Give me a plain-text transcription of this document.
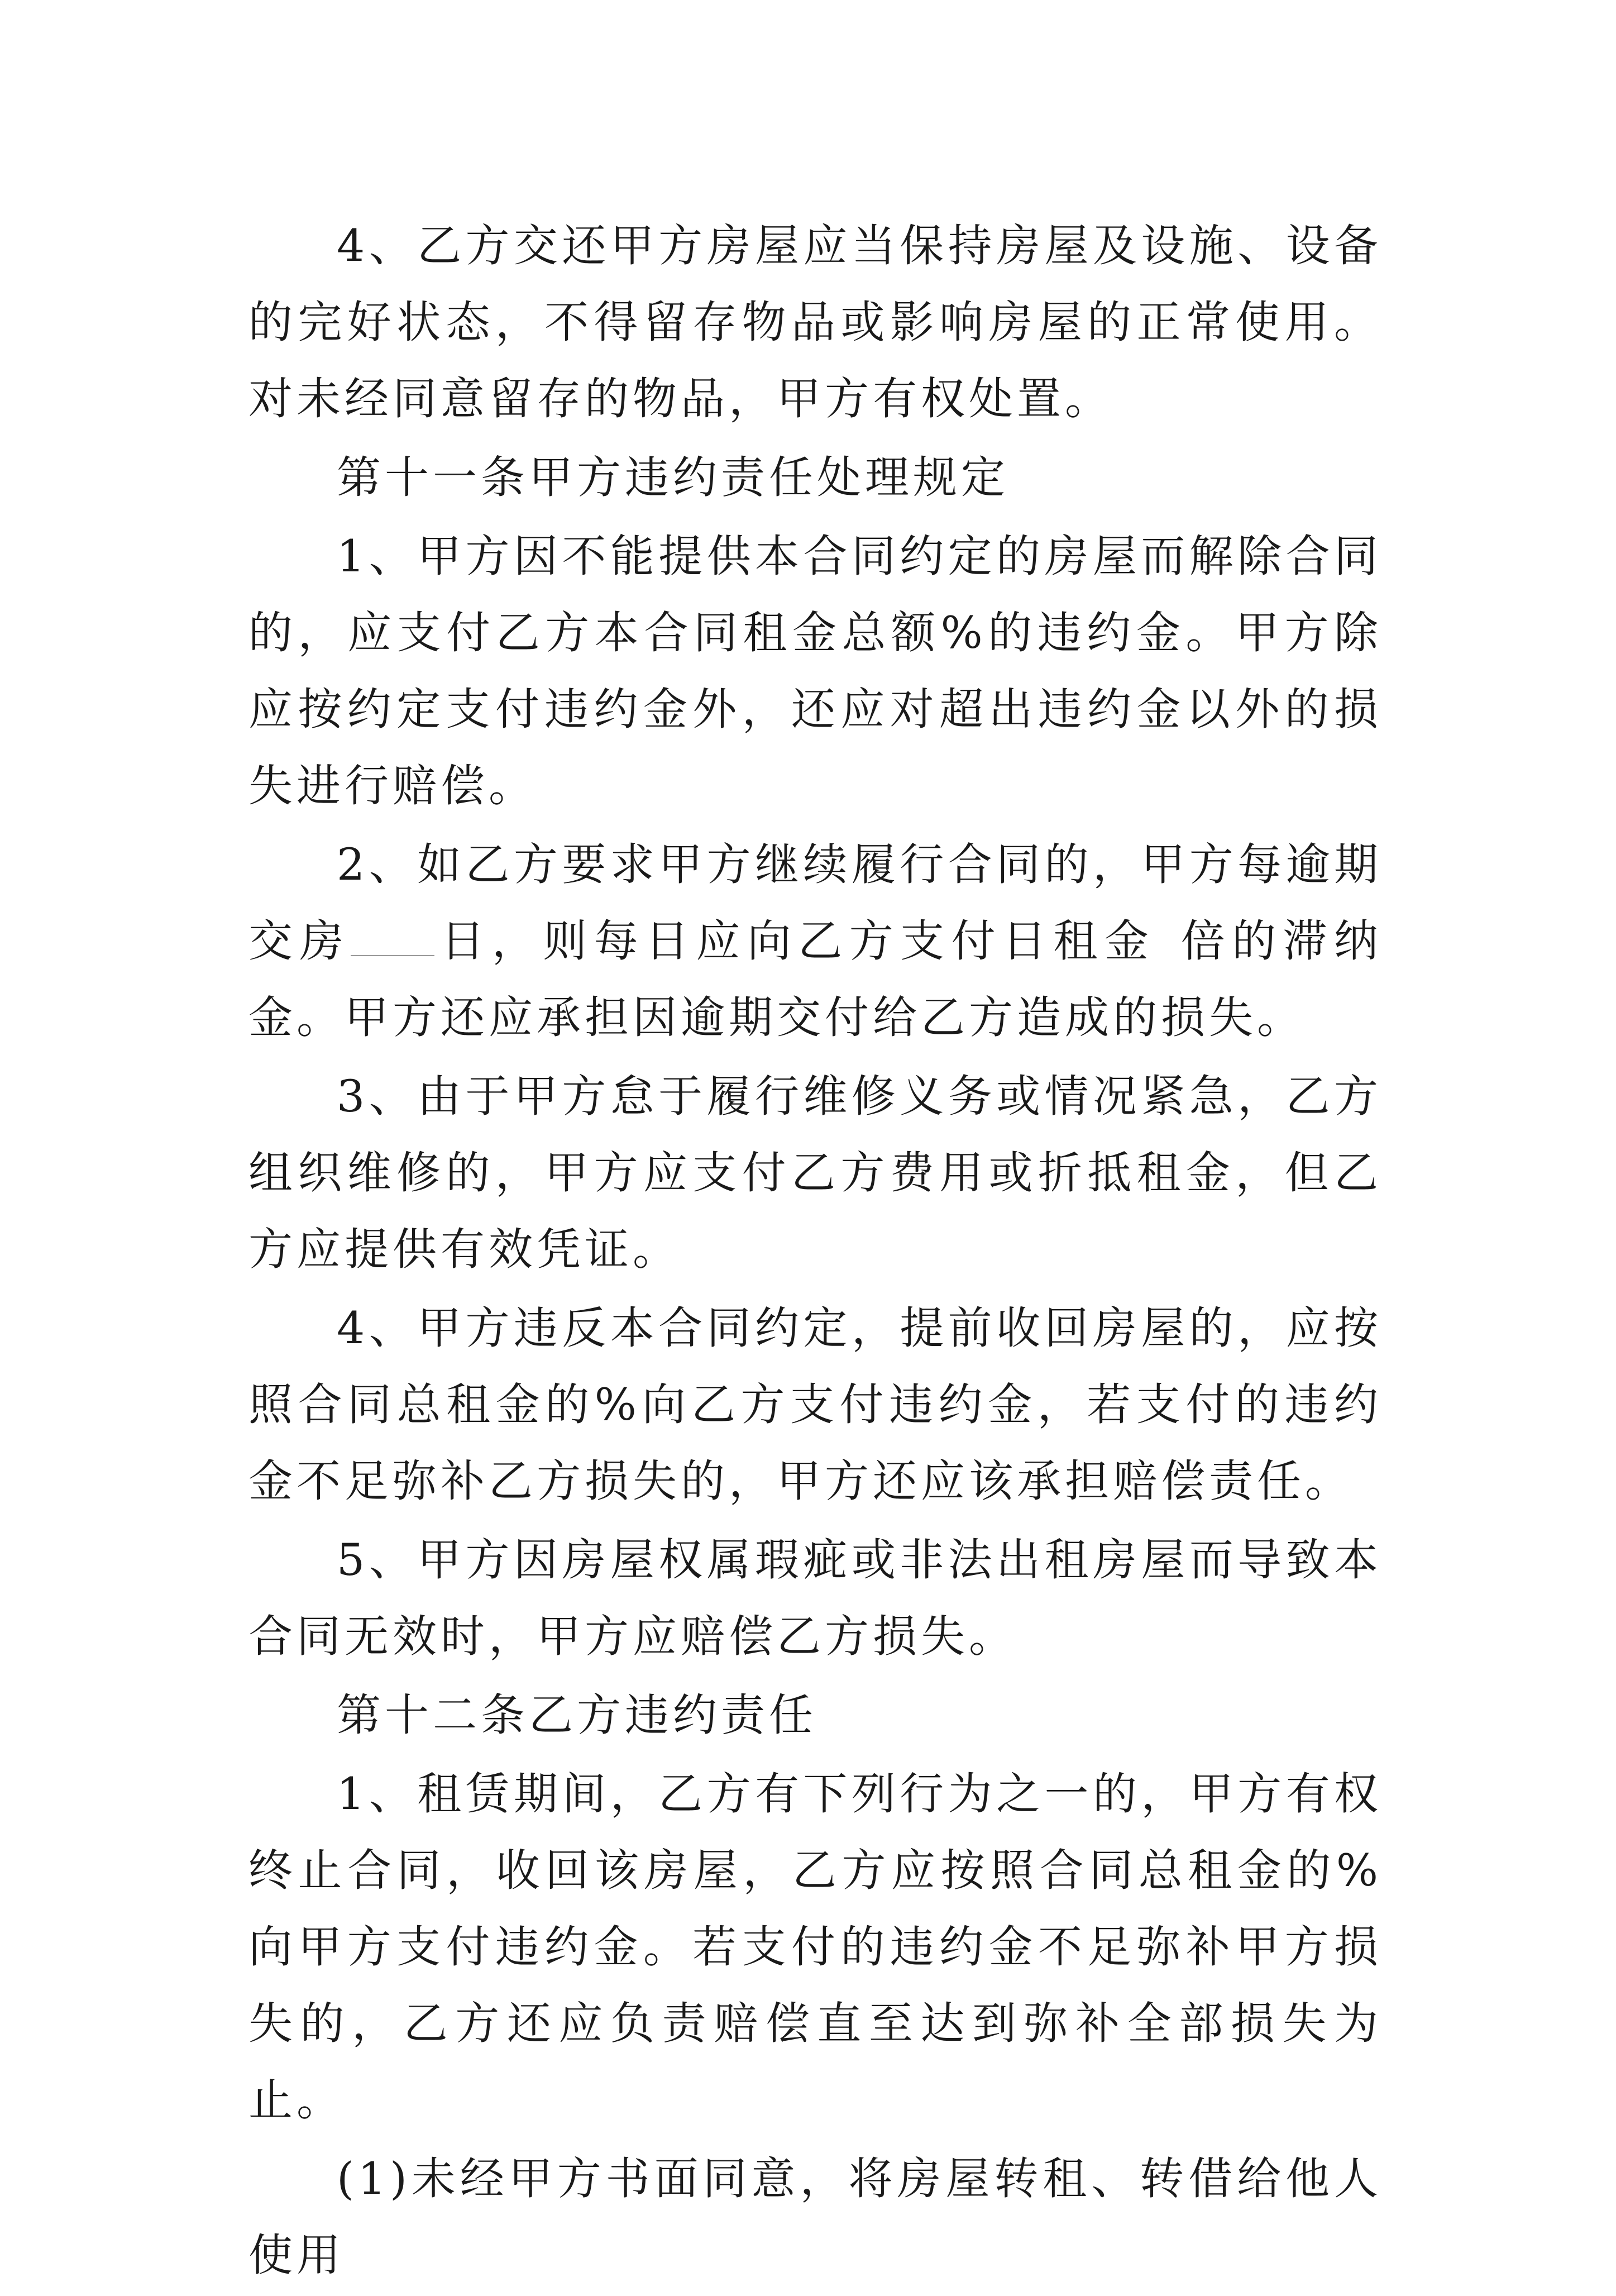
4、乙方交还甲方房屋应当保持房屋及设施、设备的完好状态，不得留存物品或影响房屋的正常使用。对未经同意留存的物品，甲方有权处置。

第十一条甲方违约责任处理规定

1、甲方因不能提供本合同约定的房屋而解除合同的，应支付乙方本合同租金总额%的违约金。甲方除应按约定支付违约金外，还应对超出违约金以外的损失进行赔偿。

2、如乙方要求甲方继续履行合同的，甲方每逾期交房 日，则每日应向乙方支付日租金 倍的滞纳金。甲方还应承担因逾期交付给乙方造成的损失。

3、由于甲方怠于履行维修义务或情况紧急，乙方组织维修的，甲方应支付乙方费用或折抵租金，但乙方应提供有效凭证。

4、甲方违反本合同约定，提前收回房屋的，应按照合同总租金的%向乙方支付违约金，若支付的违约金不足弥补乙方损失的，甲方还应该承担赔偿责任。

5、甲方因房屋权属瑕疵或非法出租房屋而导致本合同无效时，甲方应赔偿乙方损失。

第十二条乙方违约责任

1、租赁期间，乙方有下列行为之一的，甲方有权终止合同，收回该房屋，乙方应按照合同总租金的%向甲方支付违约金。若支付的违约金不足弥补甲方损失的，乙方还应负责赔偿直至达到弥补全部损失为止。

(1)未经甲方书面同意，将房屋转租、转借给他人使用
